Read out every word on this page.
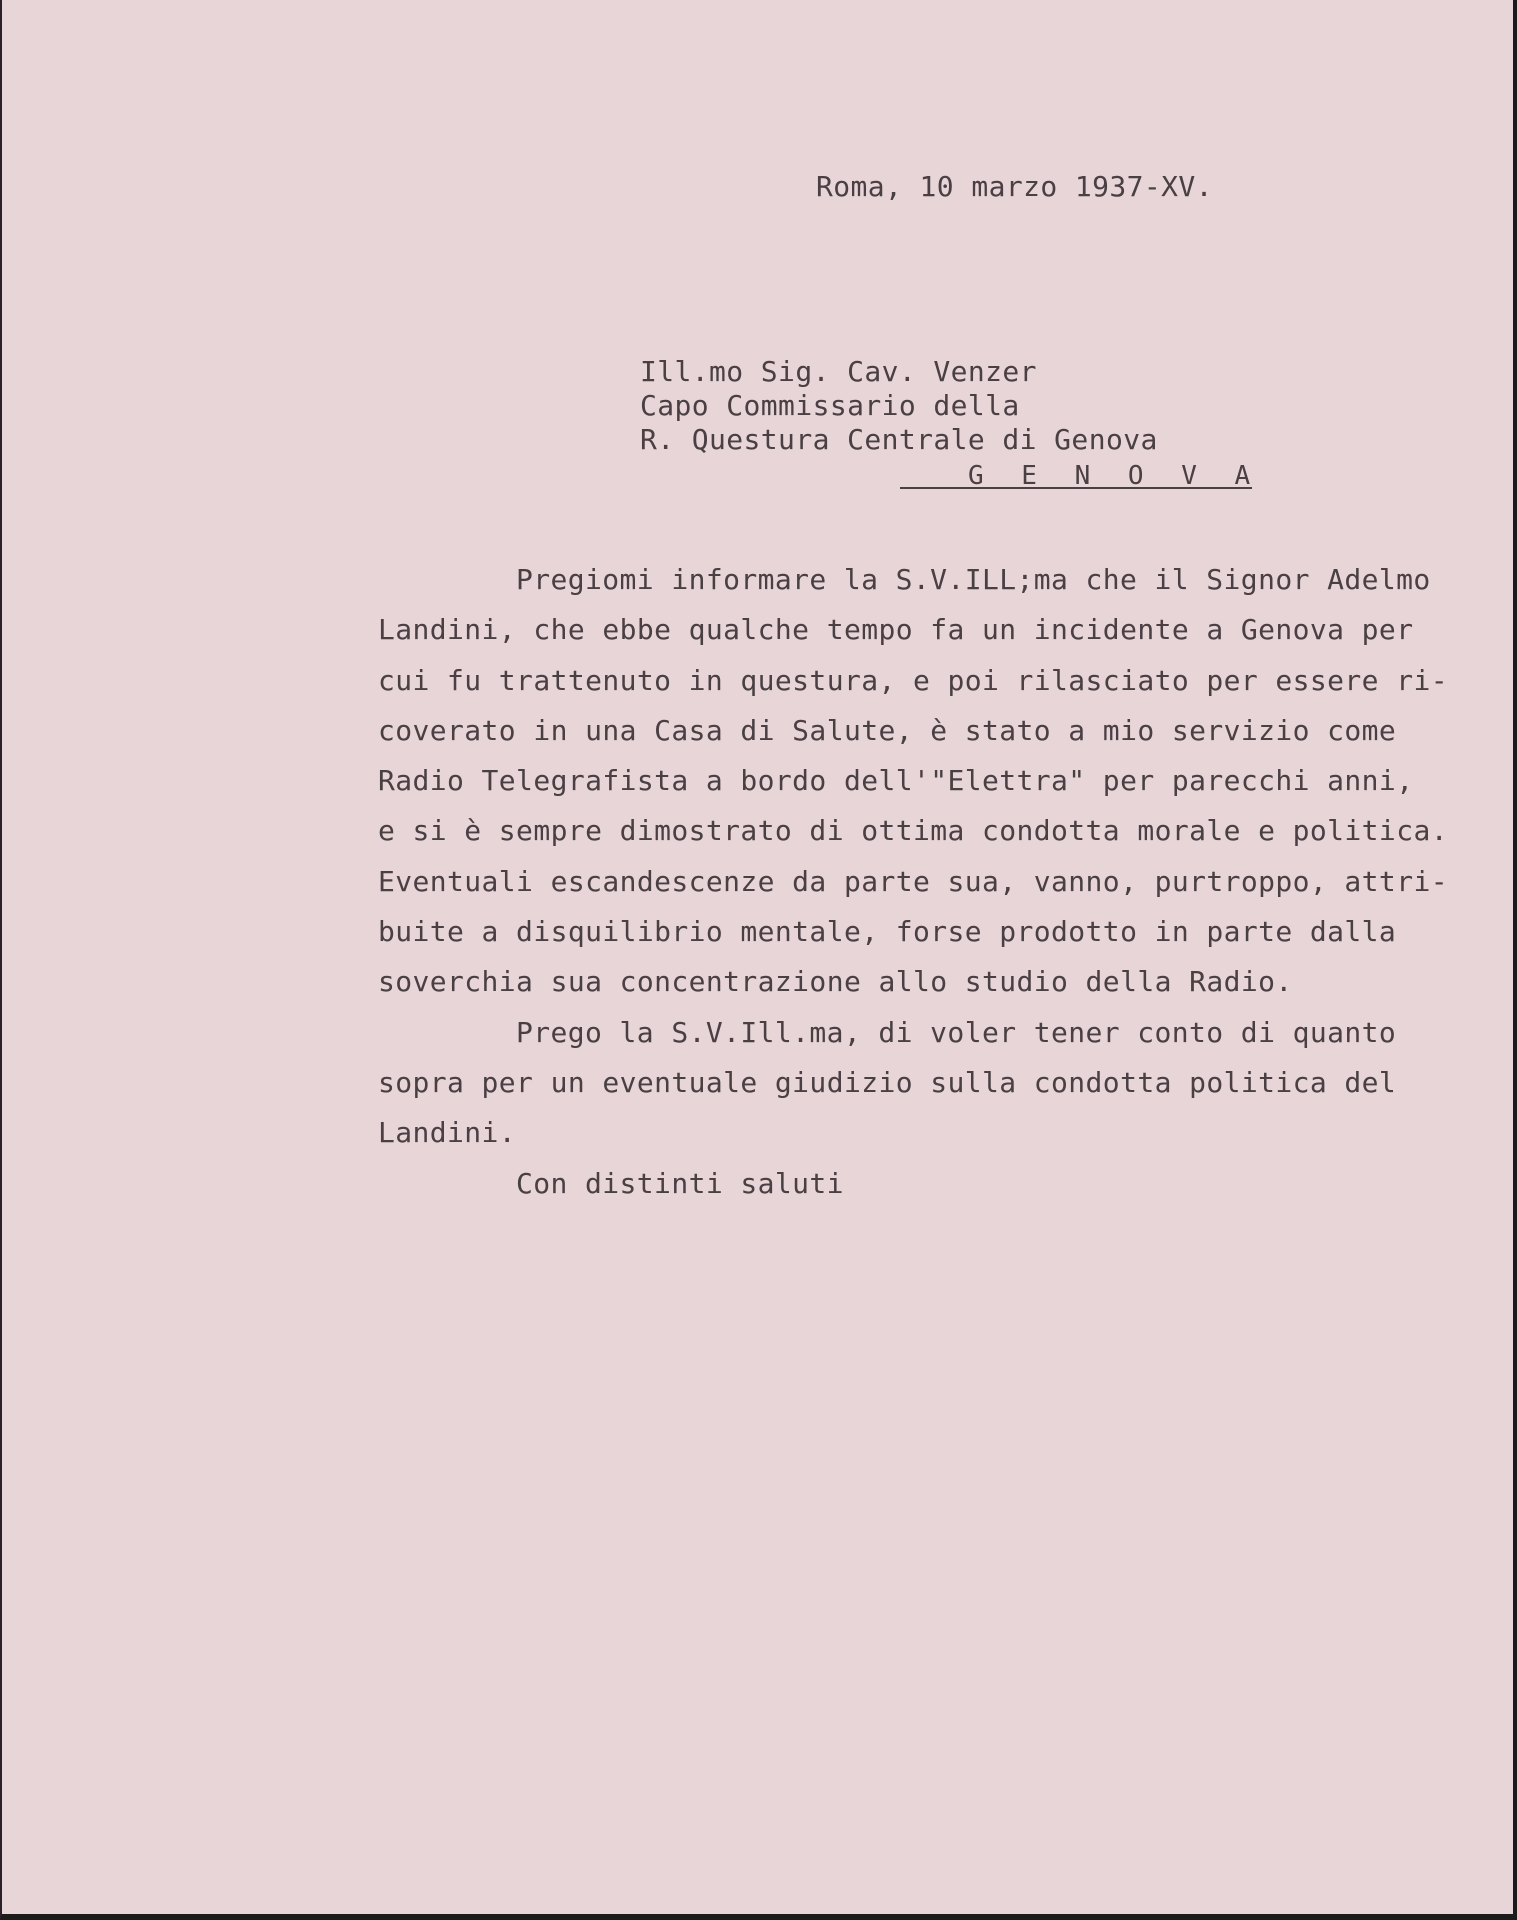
Roma, 10 marzo 1937-XV.

Ill.mo Sig. Cav. Venzer

Capo Commissario della

R. Questura Centrale di Genova

G E N O V A

Pregiomi informare la S.V.ILL;ma che il Signor Adelmo
Landini, che ebbe qualche tempo fa un incidente a Genova per
cui fu trattenuto in questura, e poi rilasciato per essere ri-
coverato in una Casa di Salute, è stato a mio servizio come
Radio Telegrafista a bordo dell'"Elettra" per parecchi anni,
e si è sempre dimostrato di ottima condotta morale e politica.
Eventuali escandescenze da parte sua, vanno, purtroppo, attri-
buite a disquilibrio mentale, forse prodotto in parte dalla
soverchia sua concentrazione allo studio della Radio.
Prego la S.V.Ill.ma, di voler tener conto di quanto
sopra per un eventuale giudizio sulla condotta politica del
Landini.
Con distinti saluti
